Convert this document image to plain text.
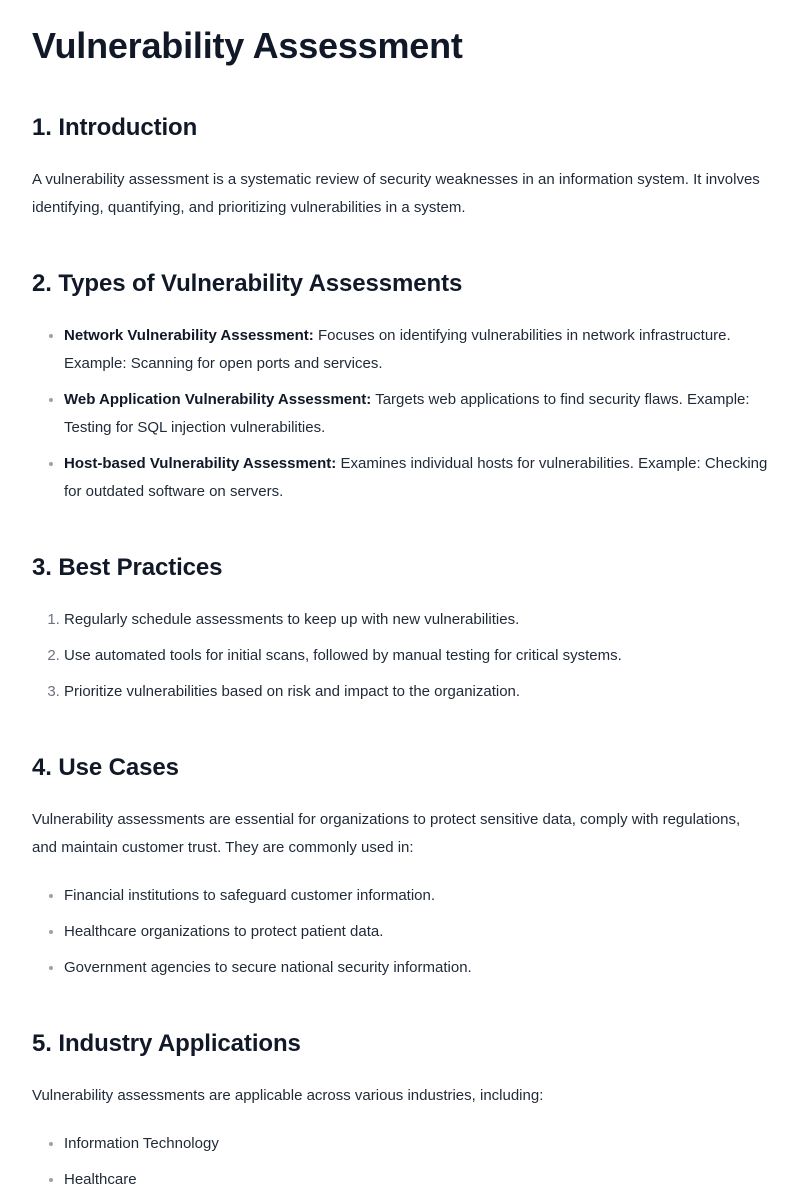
Vulnerability Assessment
1. Introduction

A vulnerability assessment is a systematic review of security weaknesses in an information system. It involves identifying, quantifying, and prioritizing vulnerabilities in a system.

2. Types of Vulnerability Assessments
• Network Vulnerability Assessment: Focuses on identifying vulnerabilities in network infrastructure. Example: Scanning for open ports and services.
• Web Application Vulnerability Assessment: Targets web applications to find security flaws. Example: Testing for SQL injection vulnerabilities.
• Host-based Vulnerability Assessment: Examines individual hosts for vulnerabilities. Example: Checking for outdated software on servers.
3. Best Practices
1. Regularly schedule assessments to keep up with new vulnerabilities.
2. Use automated tools for initial scans, followed by manual testing for critical systems.
3. Prioritize vulnerabilities based on risk and impact to the organization.
4. Use Cases

Vulnerability assessments are essential for organizations to protect sensitive data, comply with regulations, and maintain customer trust. They are commonly used in:

• Financial institutions to safeguard customer information.
• Healthcare organizations to protect patient data.
• Government agencies to secure national security information.
5. Industry Applications

Vulnerability assessments are applicable across various industries, including:

• Information Technology
• Healthcare
